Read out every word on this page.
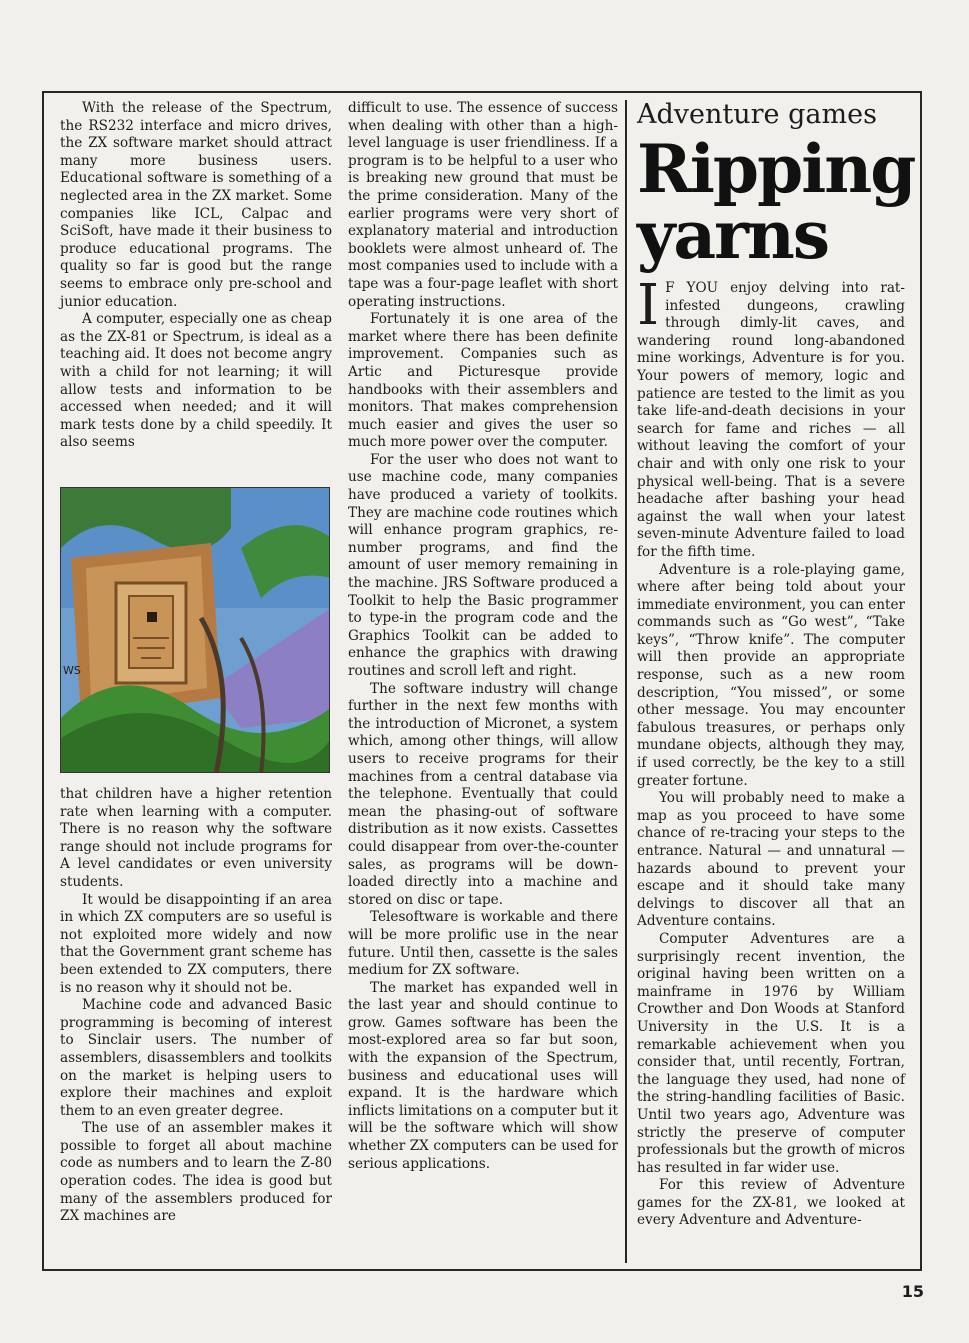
With the release of the Spectrum, the RS232 interface and micro drives, the ZX software market should attract many more business users. Educational software is something of a neglected area in the ZX market. Some companies like ICL, Calpac and SciSoft, have made it their business to produce educational programs. The quality so far is good but the range seems to embrace only pre-school and junior education.

A computer, especially one as cheap as the ZX-81 or Spectrum, is ideal as a teaching aid. It does not become angry with a child for not learning; it will allow tests and information to be accessed when needed; and it will mark tests done by a child speedily. It also seems

WS

that children have a higher retention rate when learning with a computer. There is no reason why the software range should not include programs for A level candidates or even university students.

It would be disappointing if an area in which ZX computers are so useful is not exploited more widely and now that the Government grant scheme has been extended to ZX computers, there is no reason why it should not be.

Machine code and advanced Basic programming is becoming of interest to Sinclair users. The number of assemblers, disassemblers and toolkits on the market is helping users to explore their machines and exploit them to an even greater degree.

The use of an assembler makes it possible to forget all about machine code as numbers and to learn the Z-80 operation codes. The idea is good but many of the assemblers produced for ZX machines are

difficult to use. The essence of success when dealing with other than a high-level language is user friendliness. If a program is to be helpful to a user who is breaking new ground that must be the prime consideration. Many of the earlier programs were very short of explanatory material and introduction booklets were almost unheard of. The most companies used to include with a tape was a four-page leaflet with short operating instructions.

Fortunately it is one area of the market where there has been definite improvement. Companies such as Artic and Picturesque provide handbooks with their assemblers and monitors. That makes comprehension much easier and gives the user so much more power over the computer.

For the user who does not want to use machine code, many companies have produced a variety of toolkits. They are machine code routines which will enhance program graphics, re-number programs, and find the amount of user memory remaining in the machine. JRS Software produced a Toolkit to help the Basic programmer to type-in the program code and the Graphics Toolkit can be added to enhance the graphics with drawing routines and scroll left and right.

The software industry will change further in the next few months with the introduction of Micronet, a system which, among other things, will allow users to receive programs for their machines from a central database via the telephone. Eventually that could mean the phasing-out of software distribution as it now exists. Cassettes could disappear from over-the-counter sales, as programs will be down-loaded directly into a machine and stored on disc or tape.

Telesoftware is workable and there will be more prolific use in the near future. Until then, cassette is the sales medium for ZX software.

The market has expanded well in the last year and should continue to grow. Games software has been the most-explored area so far but soon, with the expansion of the Spectrum, business and educational uses will expand. It is the hardware which inflicts limitations on a computer but it will be the software which will show whether ZX computers can be used for serious applications.

Adventure games
Ripping yarns

I F YOU enjoy delving into rat-infested dungeons, crawling through dimly-lit caves, and wandering round long-abandoned mine workings, Adventure is for you. Your powers of memory, logic and patience are tested to the limit as you take life-and-death decisions in your search for fame and riches — all without leaving the comfort of your chair and with only one risk to your physical well-being. That is a severe headache after bashing your head against the wall when your latest seven-minute Adventure failed to load for the fifth time.

Adventure is a role-playing game, where after being told about your immediate environment, you can enter commands such as “Go west”, “Take keys”, “Throw knife”. The computer will then provide an appropriate response, such as a new room description, “You missed”, or some other message. You may encounter fabulous treasures, or perhaps only mundane objects, although they may, if used correctly, be the key to a still greater fortune.

You will probably need to make a map as you proceed to have some chance of re-tracing your steps to the entrance. Natural — and unnatural — hazards abound to prevent your escape and it should take many delvings to discover all that an Adventure contains.

Computer Adventures are a surprisingly recent invention, the original having been written on a mainframe in 1976 by William Crowther and Don Woods at Stanford University in the U.S. It is a remarkable achievement when you consider that, until recently, Fortran, the language they used, had none of the string-handling facilities of Basic. Until two years ago, Adventure was strictly the preserve of computer professionals but the growth of micros has resulted in far wider use.

For this review of Adventure games for the ZX-81, we looked at every Adventure and Adventure-

15
